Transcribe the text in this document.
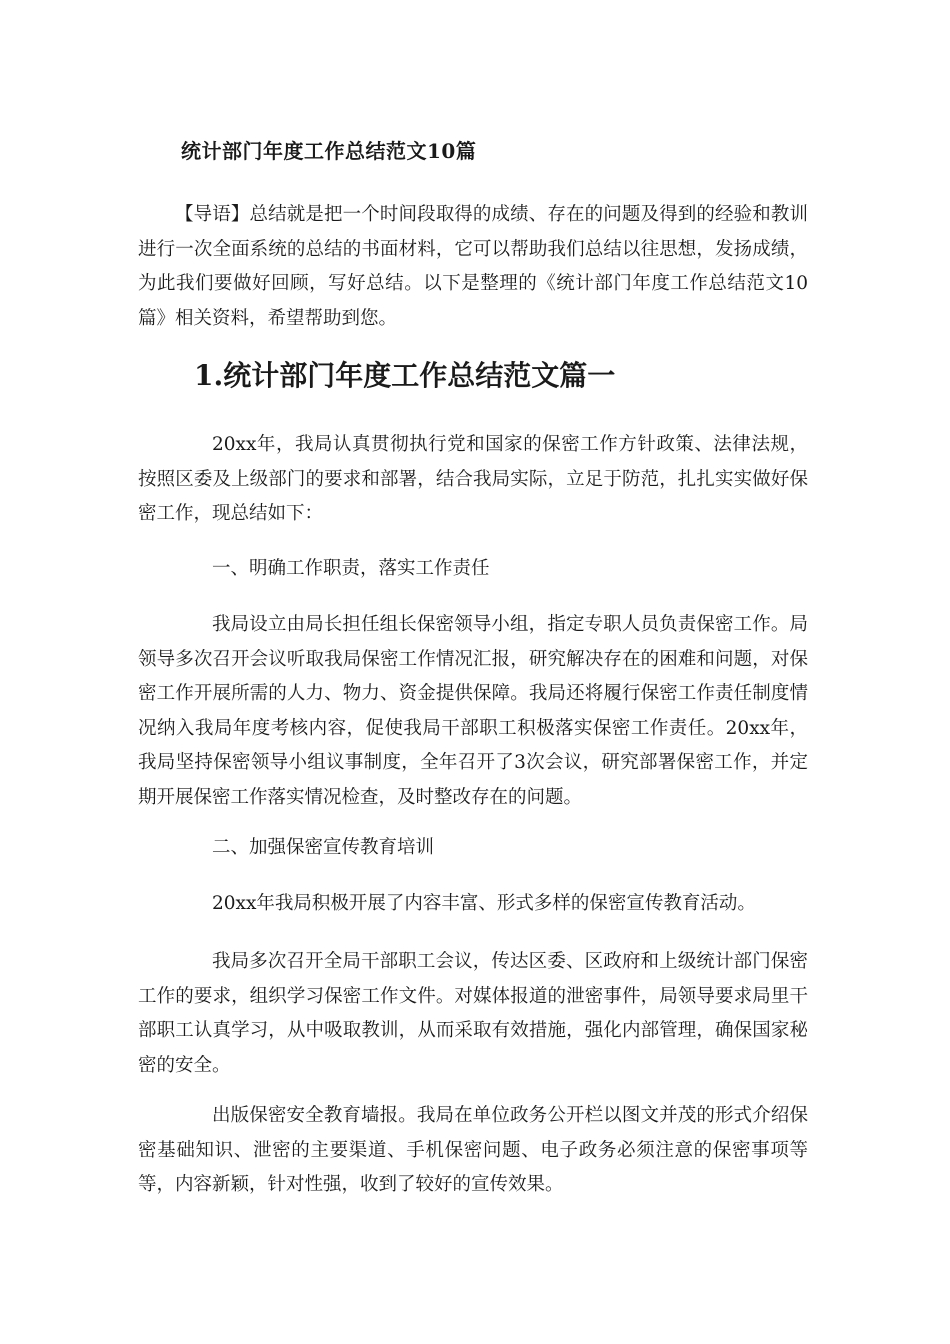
统计部门年度工作总结范文10篇

【导语】总结就是把一个时间段取得的成绩、存在的问题及得到的经验和教训进行一次全面系统的总结的书面材料，它可以帮助我们总结以往思想，发扬成绩，为此我们要做好回顾，写好总结。以下是整理的《统计部门年度工作总结范文10篇》相关资料，希望帮助到您。

1.统计部门年度工作总结范文篇一

20xx年，我局认真贯彻执行党和国家的保密工作方针政策、法律法规，按照区委及上级部门的要求和部署，结合我局实际，立足于防范，扎扎实实做好保密工作，现总结如下：

一、明确工作职责，落实工作责任

我局设立由局长担任组长保密领导小组，指定专职人员负责保密工作。局领导多次召开会议听取我局保密工作情况汇报，研究解决存在的困难和问题，对保密工作开展所需的人力、物力、资金提供保障。我局还将履行保密工作责任制度情况纳入我局年度考核内容，促使我局干部职工积极落实保密工作责任。20xx年，我局坚持保密领导小组议事制度，全年召开了3次会议，研究部署保密工作，并定期开展保密工作落实情况检查，及时整改存在的问题。

二、加强保密宣传教育培训

20xx年我局积极开展了内容丰富、形式多样的保密宣传教育活动。

我局多次召开全局干部职工会议，传达区委、区政府和上级统计部门保密工作的要求，组织学习保密工作文件。对媒体报道的泄密事件，局领导要求局里干部职工认真学习，从中吸取教训，从而采取有效措施，强化内部管理，确保国家秘密的安全。

出版保密安全教育墙报。我局在单位政务公开栏以图文并茂的形式介绍保密基础知识、泄密的主要渠道、手机保密问题、电子政务必须注意的保密事项等等，内容新颖，针对性强，收到了较好的宣传效果。
